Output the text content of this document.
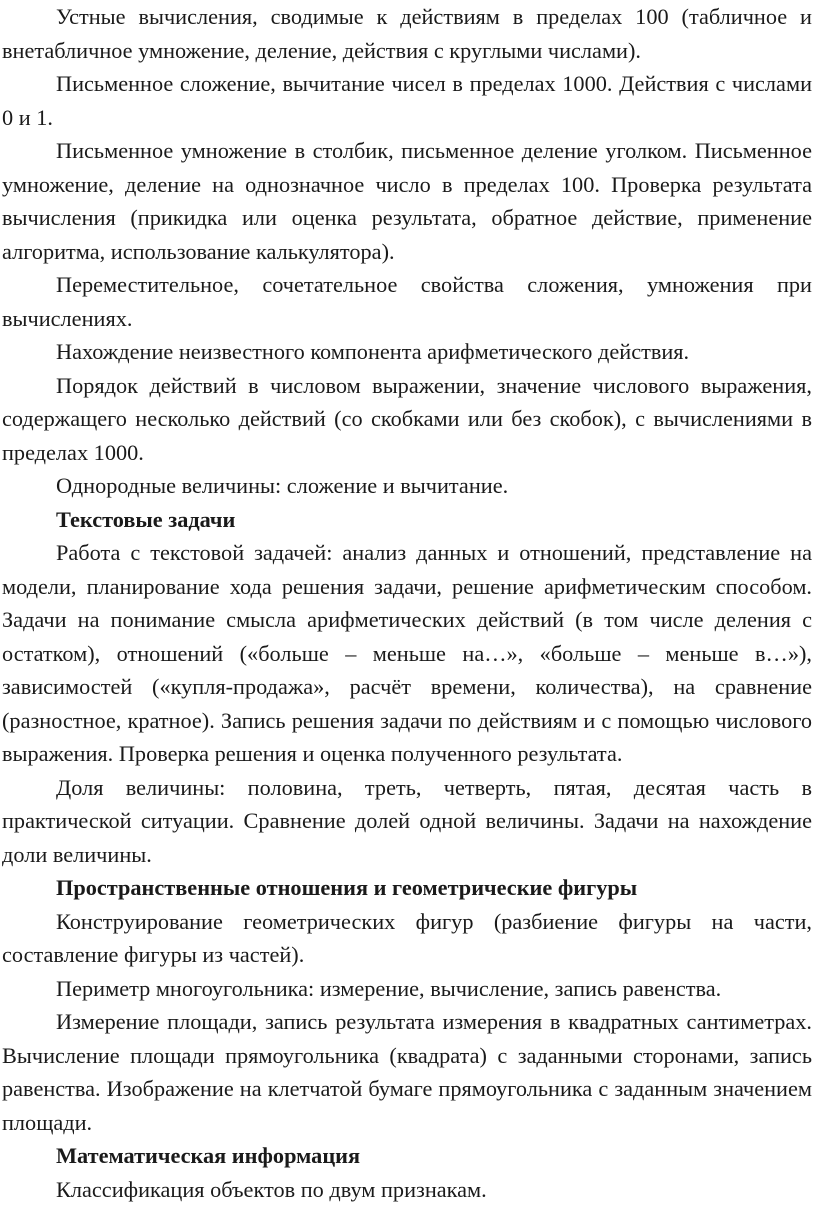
Устные вычисления, сводимые к действиям в пределах 100 (табличное и внетабличное умножение, деление, действия с круглыми числами).

Письменное сложение, вычитание чисел в пределах 1000. Действия с числами 0 и 1.

Письменное умножение в столбик, письменное деление уголком. Письменное умножение, деление на однозначное число в пределах 100. Проверка результата вычисления (прикидка или оценка результата, обратное действие, применение алгоритма, использование калькулятора).

Переместительное, сочетательное свойства сложения, умножения при вычислениях.

Нахождение неизвестного компонента арифметического действия.

Порядок действий в числовом выражении, значение числового выражения, содержащего несколько действий (со скобками или без скобок), с вычислениями в пределах 1000.

Однородные величины: сложение и вычитание.

Текстовые задачи

Работа с текстовой задачей: анализ данных и отношений, представление на модели, планирование хода решения задачи, решение арифметическим способом. Задачи на понимание смысла арифметических действий (в том числе деления с остатком), отношений («больше – меньше на…», «больше – меньше в…»), зависимостей («купля-продажа», расчёт времени, количества), на сравнение (разностное, кратное). Запись решения задачи по действиям и с помощью числового выражения. Проверка решения и оценка полученного результата.

Доля величины: половина, треть, четверть, пятая, десятая часть в практической ситуации. Сравнение долей одной величины. Задачи на нахождение доли величины.

Пространственные отношения и геометрические фигуры

Конструирование геометрических фигур (разбиение фигуры на части, составление фигуры из частей).

Периметр многоугольника: измерение, вычисление, запись равенства.

Измерение площади, запись результата измерения в квадратных сантиметрах. Вычисление площади прямоугольника (квадрата) с заданными сторонами, запись равенства. Изображение на клетчатой бумаге прямоугольника с заданным значением площади.

Математическая информация

Классификация объектов по двум признакам.
